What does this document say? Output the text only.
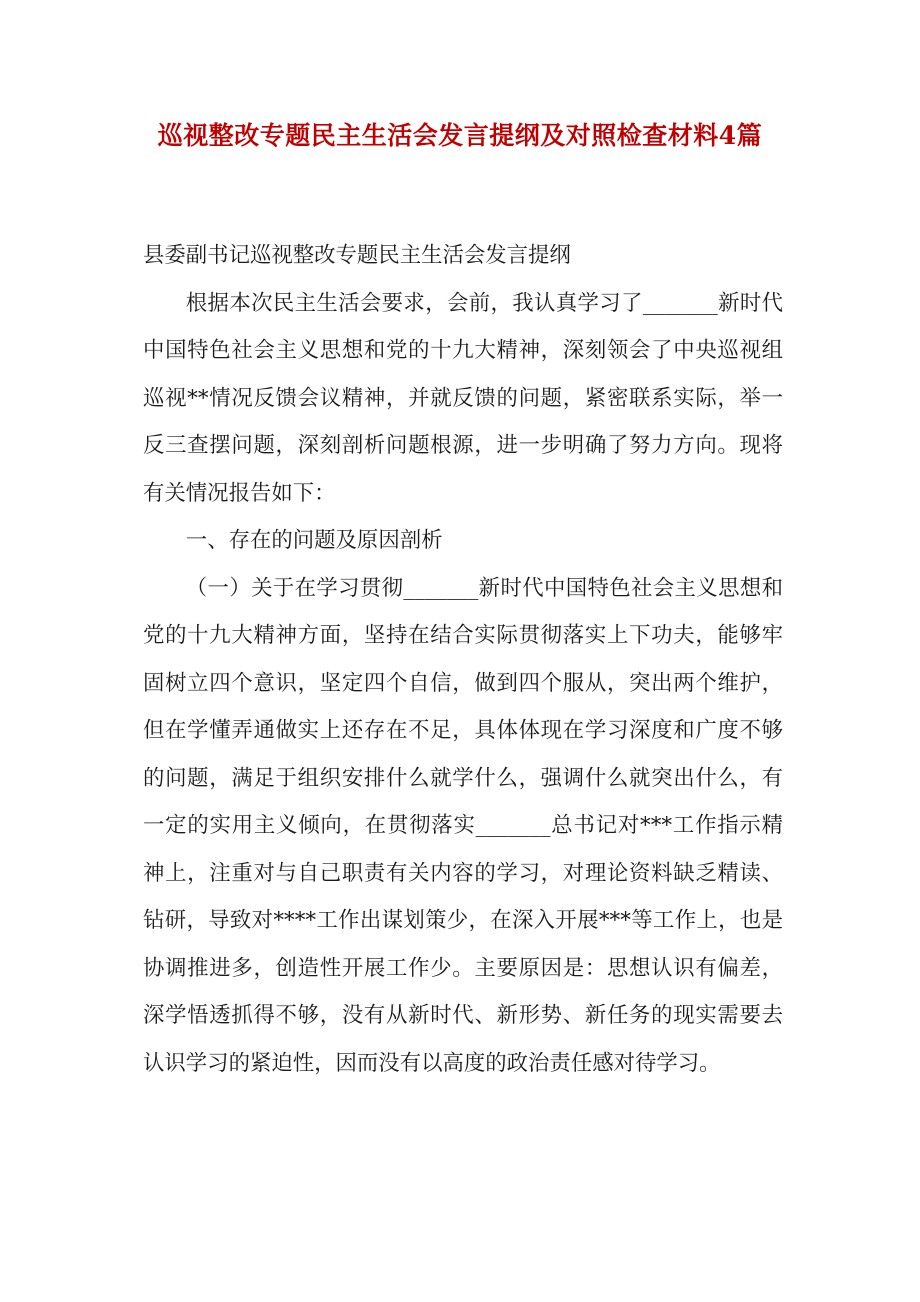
巡视整改专题民主生活会发言提纲及对照检查材料4篇

县委副书记巡视整改专题民主生活会发言提纲

根据本次民主生活会要求，会前，我认真学习了_______新时代中国特色社会主义思想和党的十九大精神，深刻领会了中央巡视组巡视**情况反馈会议精神，并就反馈的问题，紧密联系实际，举一反三查摆问题，深刻剖析问题根源，进一步明确了努力方向。现将有关情况报告如下：

一、存在的问题及原因剖析

（一）关于在学习贯彻_______新时代中国特色社会主义思想和党的十九大精神方面，坚持在结合实际贯彻落实上下功夫，能够牢固树立四个意识，坚定四个自信，做到四个服从，突出两个维护，但在学懂弄通做实上还存在不足，具体体现在学习深度和广度不够的问题，满足于组织安排什么就学什么，强调什么就突出什么，有一定的实用主义倾向，在贯彻落实_______总书记对***工作指示精神上，注重对与自己职责有关内容的学习，对理论资料缺乏精读、钻研，导致对****工作出谋划策少，在深入开展***等工作上，也是协调推进多，创造性开展工作少。主要原因是：思想认识有偏差，深学悟透抓得不够，没有从新时代、新形势、新任务的现实需要去认识学习的紧迫性，因而没有以高度的政治责任感对待学习。
